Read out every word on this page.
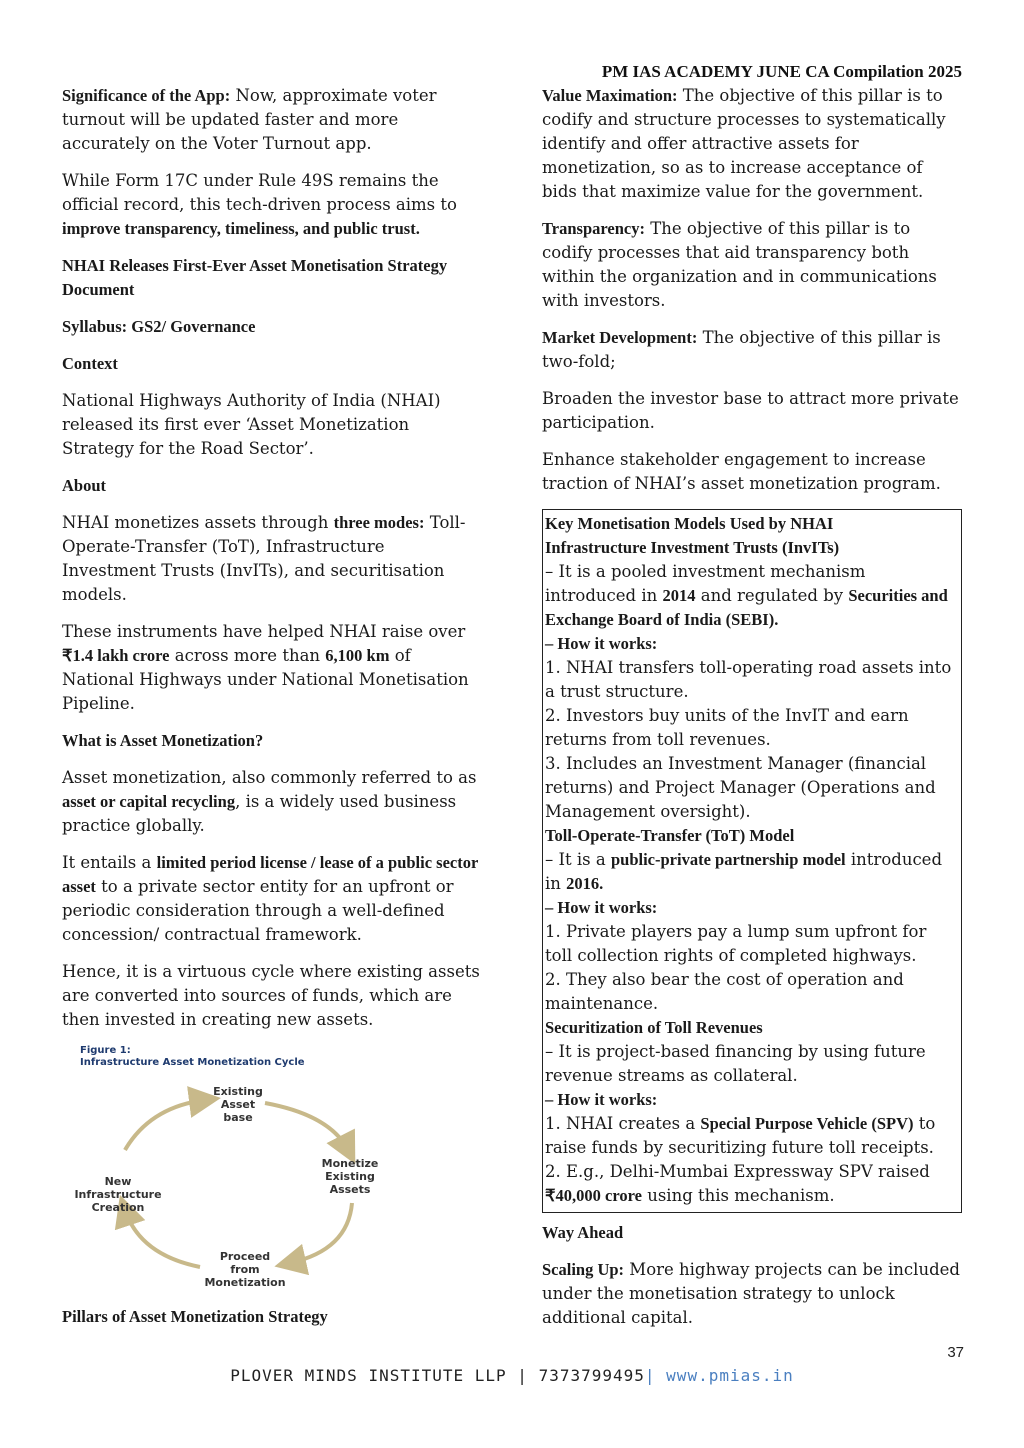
PM IAS ACADEMY JUNE CA Compilation 2025

Significance of the App: Now, approximate voter turnout will be updated faster and more accurately on the Voter Turnout app.

While Form 17C under Rule 49S remains the official record, this tech-driven process aims to improve transparency, timeliness, and public trust.

NHAI Releases First-Ever Asset Monetisation Strategy Document

Syllabus: GS2/ Governance

Context

National Highways Authority of India (NHAI) released its first ever ‘Asset Monetization Strategy for the Road Sector’.

About

NHAI monetizes assets through three modes: Toll-Operate-Transfer (ToT), Infrastructure Investment Trusts (InvITs), and securitisation models.

These instruments have helped NHAI raise over ₹1.4 lakh crore across more than 6,100 km of National Highways under National Monetisation Pipeline.

What is Asset Monetization?

Asset monetization, also commonly referred to as asset or capital recycling, is a widely used business practice globally.

It entails a limited period license / lease of a public sector asset to a private sector entity for an upfront or periodic consideration through a well-defined concession/ contractual framework.

Hence, it is a virtuous cycle where existing assets are converted into sources of funds, which are then invested in creating new assets.

Figure 1:
Infrastructure Asset Monetization Cycle
Existing
Asset
base
Monetize
Existing
Assets
Proceed
from
Monetization
New
Infrastructure
Creation

Pillars of Asset Monetization Strategy

Value Maximation: The objective of this pillar is to codify and structure processes to systematically identify and offer attractive assets for monetization, so as to increase acceptance of bids that maximize value for the government.

Transparency: The objective of this pillar is to codify processes that aid transparency both within the organization and in communications with investors.

Market Development: The objective of this pillar is two-fold;

Broaden the investor base to attract more private participation.

Enhance stakeholder engagement to increase traction of NHAI’s asset monetization program.

Key Monetisation Models Used by NHAI
Infrastructure Investment Trusts (InvITs)
– It is a pooled investment mechanism introduced in 2014 and regulated by Securities and Exchange Board of India (SEBI).
– How it works:
1. NHAI transfers toll-operating road assets into a trust structure.
2. Investors buy units of the InvIT and earn returns from toll revenues.
3. Includes an Investment Manager (financial returns) and Project Manager (Operations and Management oversight).
Toll-Operate-Transfer (ToT) Model
– It is a public-private partnership model introduced in 2016.
– How it works:
1. Private players pay a lump sum upfront for toll collection rights of completed highways.
2. They also bear the cost of operation and maintenance.
Securitization of Toll Revenues
– It is project-based financing by using future revenue streams as collateral.
– How it works:
1. NHAI creates a Special Purpose Vehicle (SPV) to raise funds by securitizing future toll receipts.
2. E.g., Delhi-Mumbai Expressway SPV raised ₹40,000 crore using this mechanism.

Way Ahead

Scaling Up: More highway projects can be included under the monetisation strategy to unlock additional capital.

37
PLOVER MINDS INSTITUTE LLP | 7373799495| www.pmias.in
